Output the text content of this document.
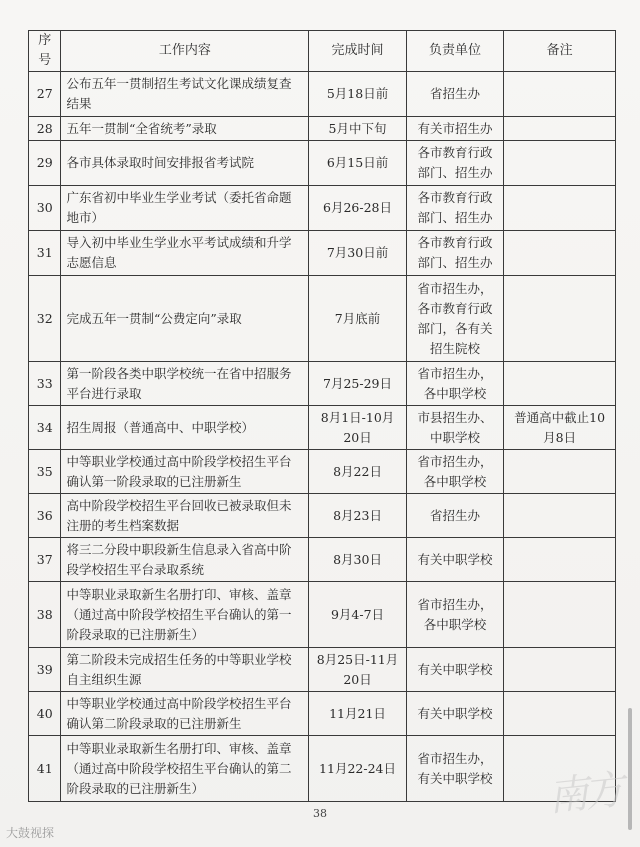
序号	工作内容	完成时间	负责单位	备注
27	公布五年一贯制招生考试文化课成绩复查结果	5月18日前	省招生办	
28	五年一贯制“全省统考”录取	5月中下旬	有关市招生办	
29	各市具体录取时间安排报省考试院	6月15日前	各市教育行政部门、招生办	
30	广东省初中毕业生学业考试（委托省命题地市）	6月26-28日	各市教育行政部门、招生办	
31	导入初中毕业生学业水平考试成绩和升学志愿信息	7月30日前	各市教育行政部门、招生办	
32	完成五年一贯制“公费定向”录取	7月底前	省市招生办，各市教育行政部门，各有关招生院校	
33	第一阶段各类中职学校统一在省中招服务平台进行录取	7月25-29日	省市招生办，各中职学校	
34	招生周报（普通高中、中职学校）	8月1日-10月20日	市县招生办、中职学校	普通高中截止10月8日
35	中等职业学校通过高中阶段学校招生平台确认第一阶段录取的已注册新生	8月22日	省市招生办，各中职学校	
36	高中阶段学校招生平台回收已被录取但未注册的考生档案数据	8月23日	省招生办	
37	将三二分段中职段新生信息录入省高中阶段学校招生平台录取系统	8月30日	有关中职学校	
38	中等职业录取新生名册打印、审核、盖章（通过高中阶段学校招生平台确认的第一阶段录取的已注册新生）	9月4-7日	省市招生办，各中职学校	
39	第二阶段未完成招生任务的中等职业学校自主组织生源	8月25日-11月20日	有关中职学校	
40	中等职业学校通过高中阶段学校招生平台确认第二阶段录取的已注册新生	11月21日	有关中职学校	
41	中等职业录取新生名册打印、审核、盖章（通过高中阶段学校招生平台确认的第二阶段录取的已注册新生）	11月22-24日	省市招生办，有关中职学校	
38	南方
大鼓视探
